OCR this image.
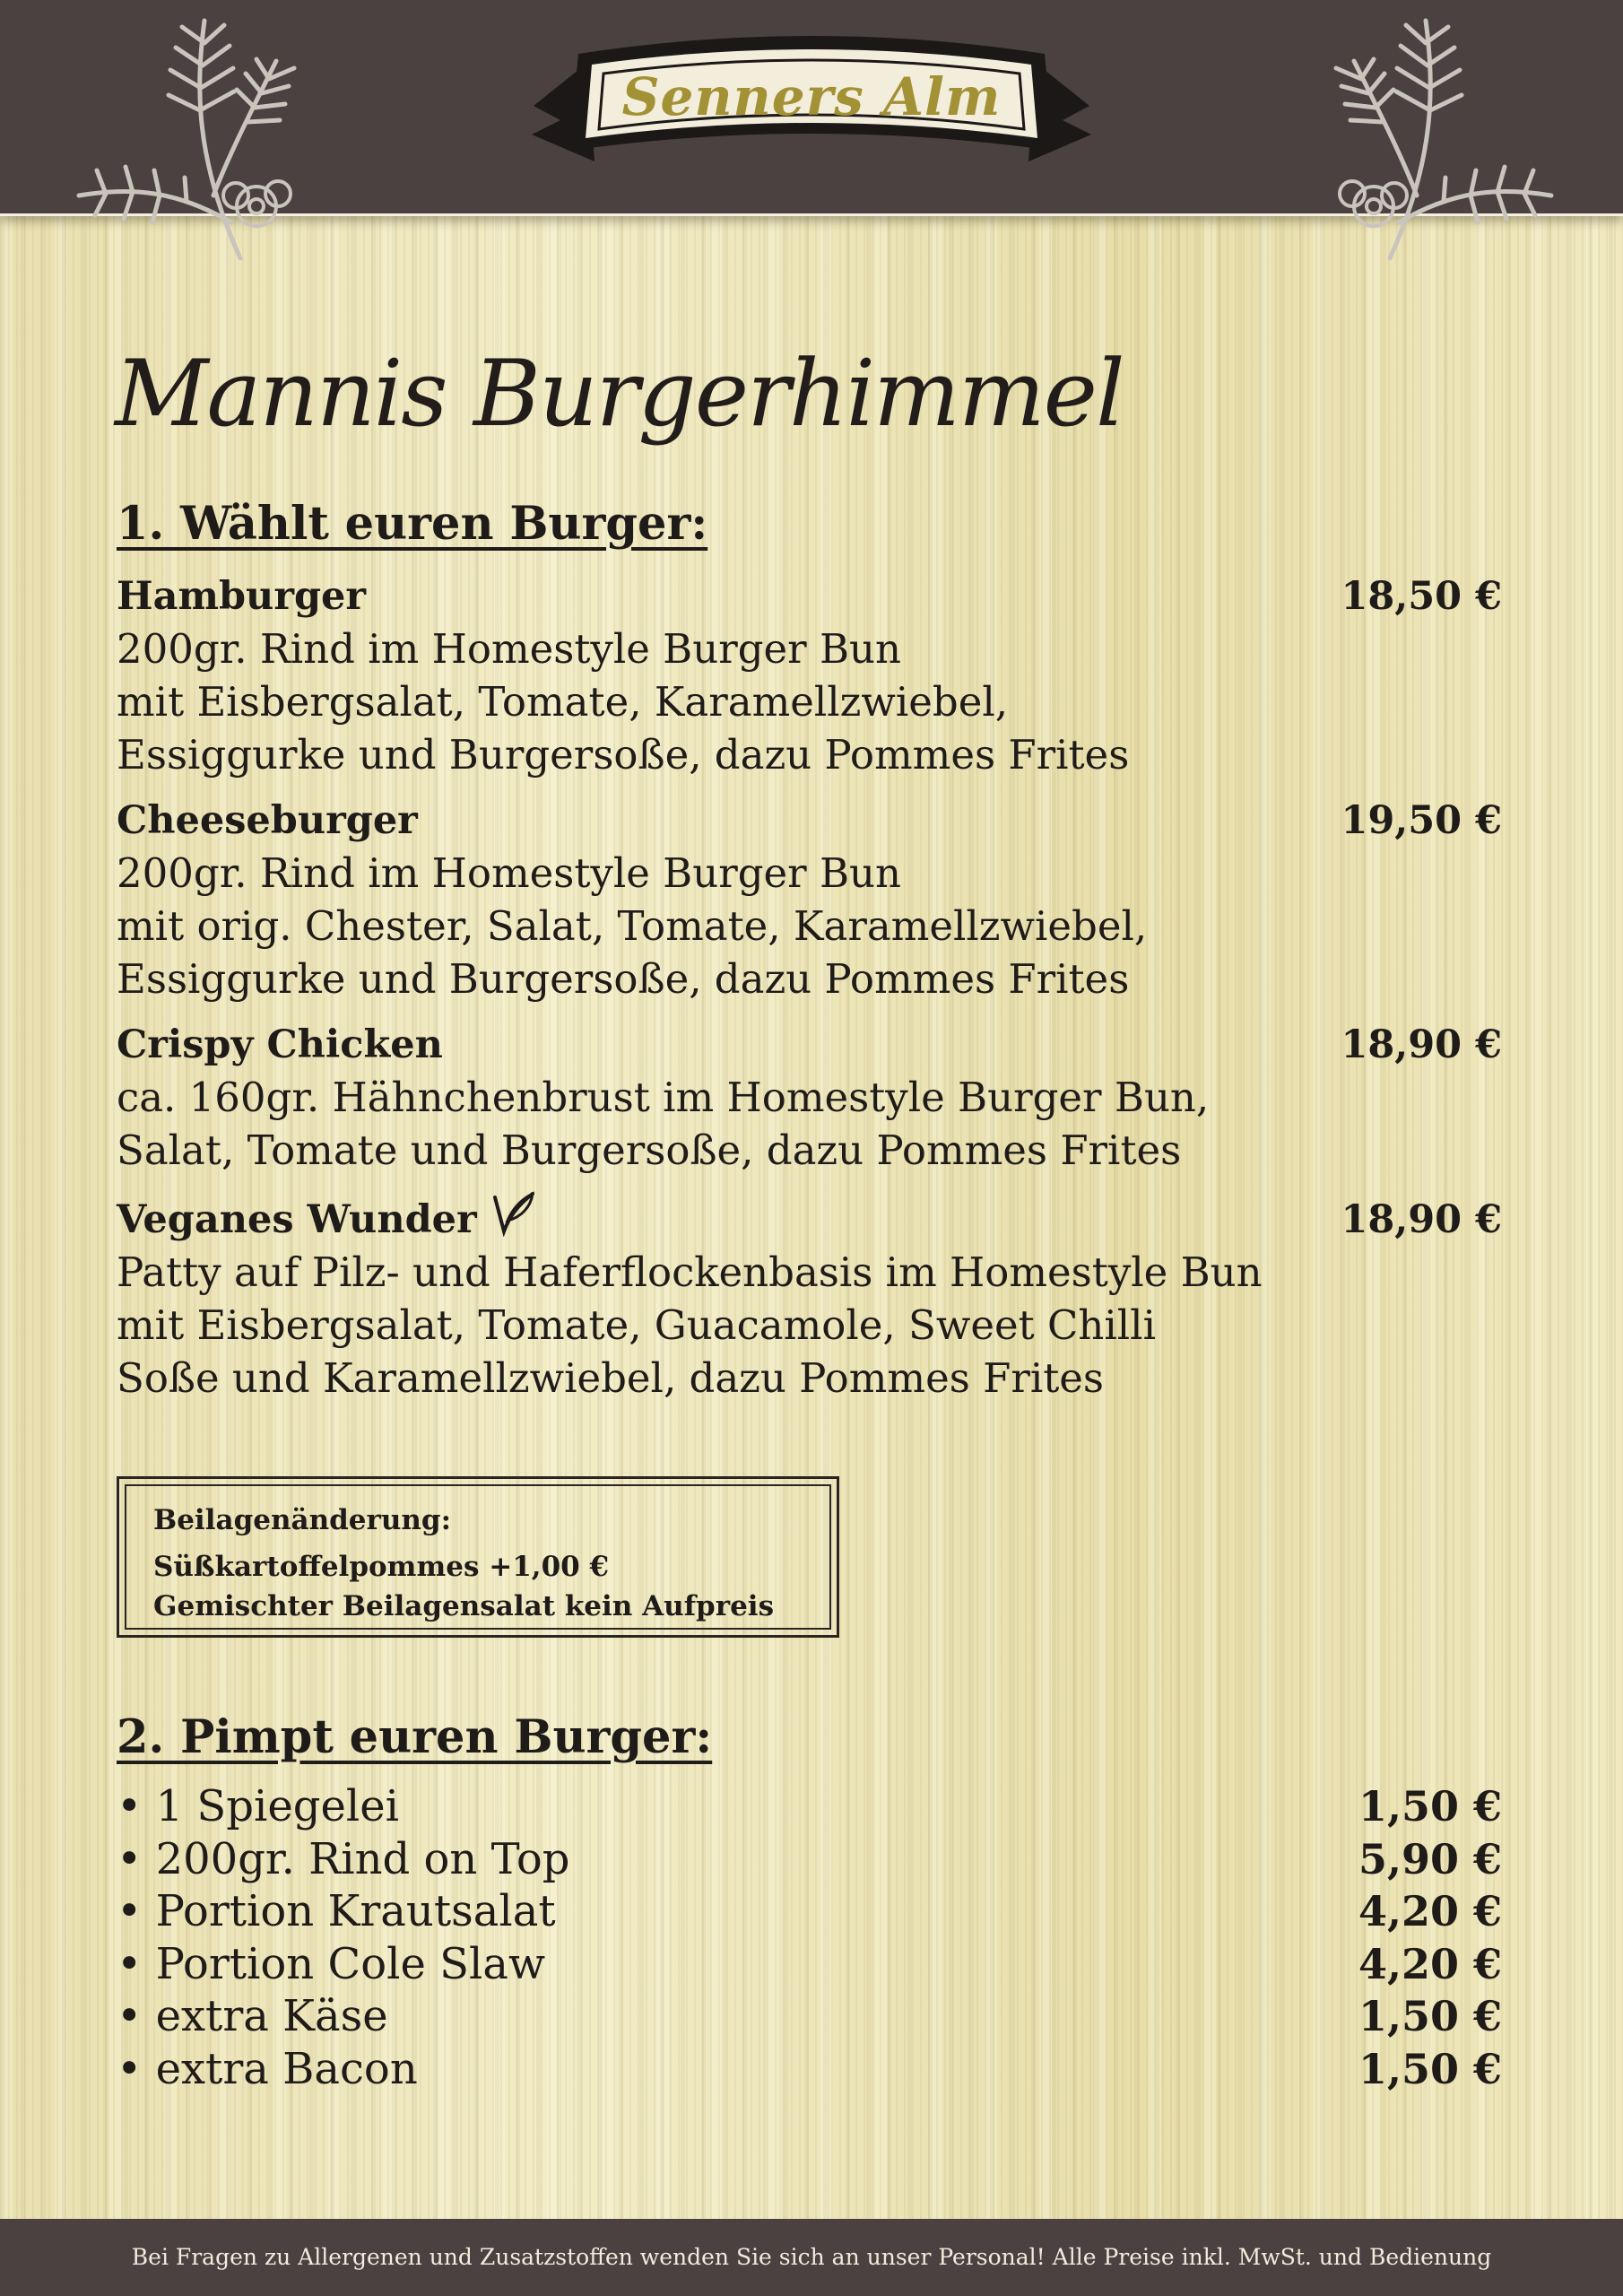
Senners Alm
Mannis Burgerhimmel
1. Wählt euren Burger:
Hamburger	18,50 €
200gr. Rind im Homestyle Burger Bun
mit Eisbergsalat, Tomate, Karamellzwiebel,
Essiggurke und Burgersoße, dazu Pommes Frites
Cheeseburger	19,50 €
200gr. Rind im Homestyle Burger Bun
mit orig. Chester, Salat, Tomate, Karamellzwiebel,
Essiggurke und Burgersoße, dazu Pommes Frites
Crispy Chicken	18,90 €
ca. 160gr. Hähnchenbrust im Homestyle Burger Bun,
Salat, Tomate und Burgersoße, dazu Pommes Frites
Veganes Wunder	18,90 €
Patty auf Pilz- und Haferflockenbasis im Homestyle Bun
mit Eisbergsalat, Tomate, Guacamole, Sweet Chilli
Soße und Karamellzwiebel, dazu Pommes Frites
Beilagenänderung:
Süßkartoffelpommes +1,00 €
Gemischter Beilagensalat kein Aufpreis
2. Pimpt euren Burger:
• 1 Spiegelei	1,50 €
• 200gr. Rind on Top	5,90 €
• Portion Krautsalat	4,20 €
• Portion Cole Slaw	4,20 €
• extra Käse	1,50 €
• extra Bacon	1,50 €
Bei Fragen zu Allergenen und Zusatzstoffen wenden Sie sich an unser Personal! Alle Preise inkl. MwSt. und Bedienung
